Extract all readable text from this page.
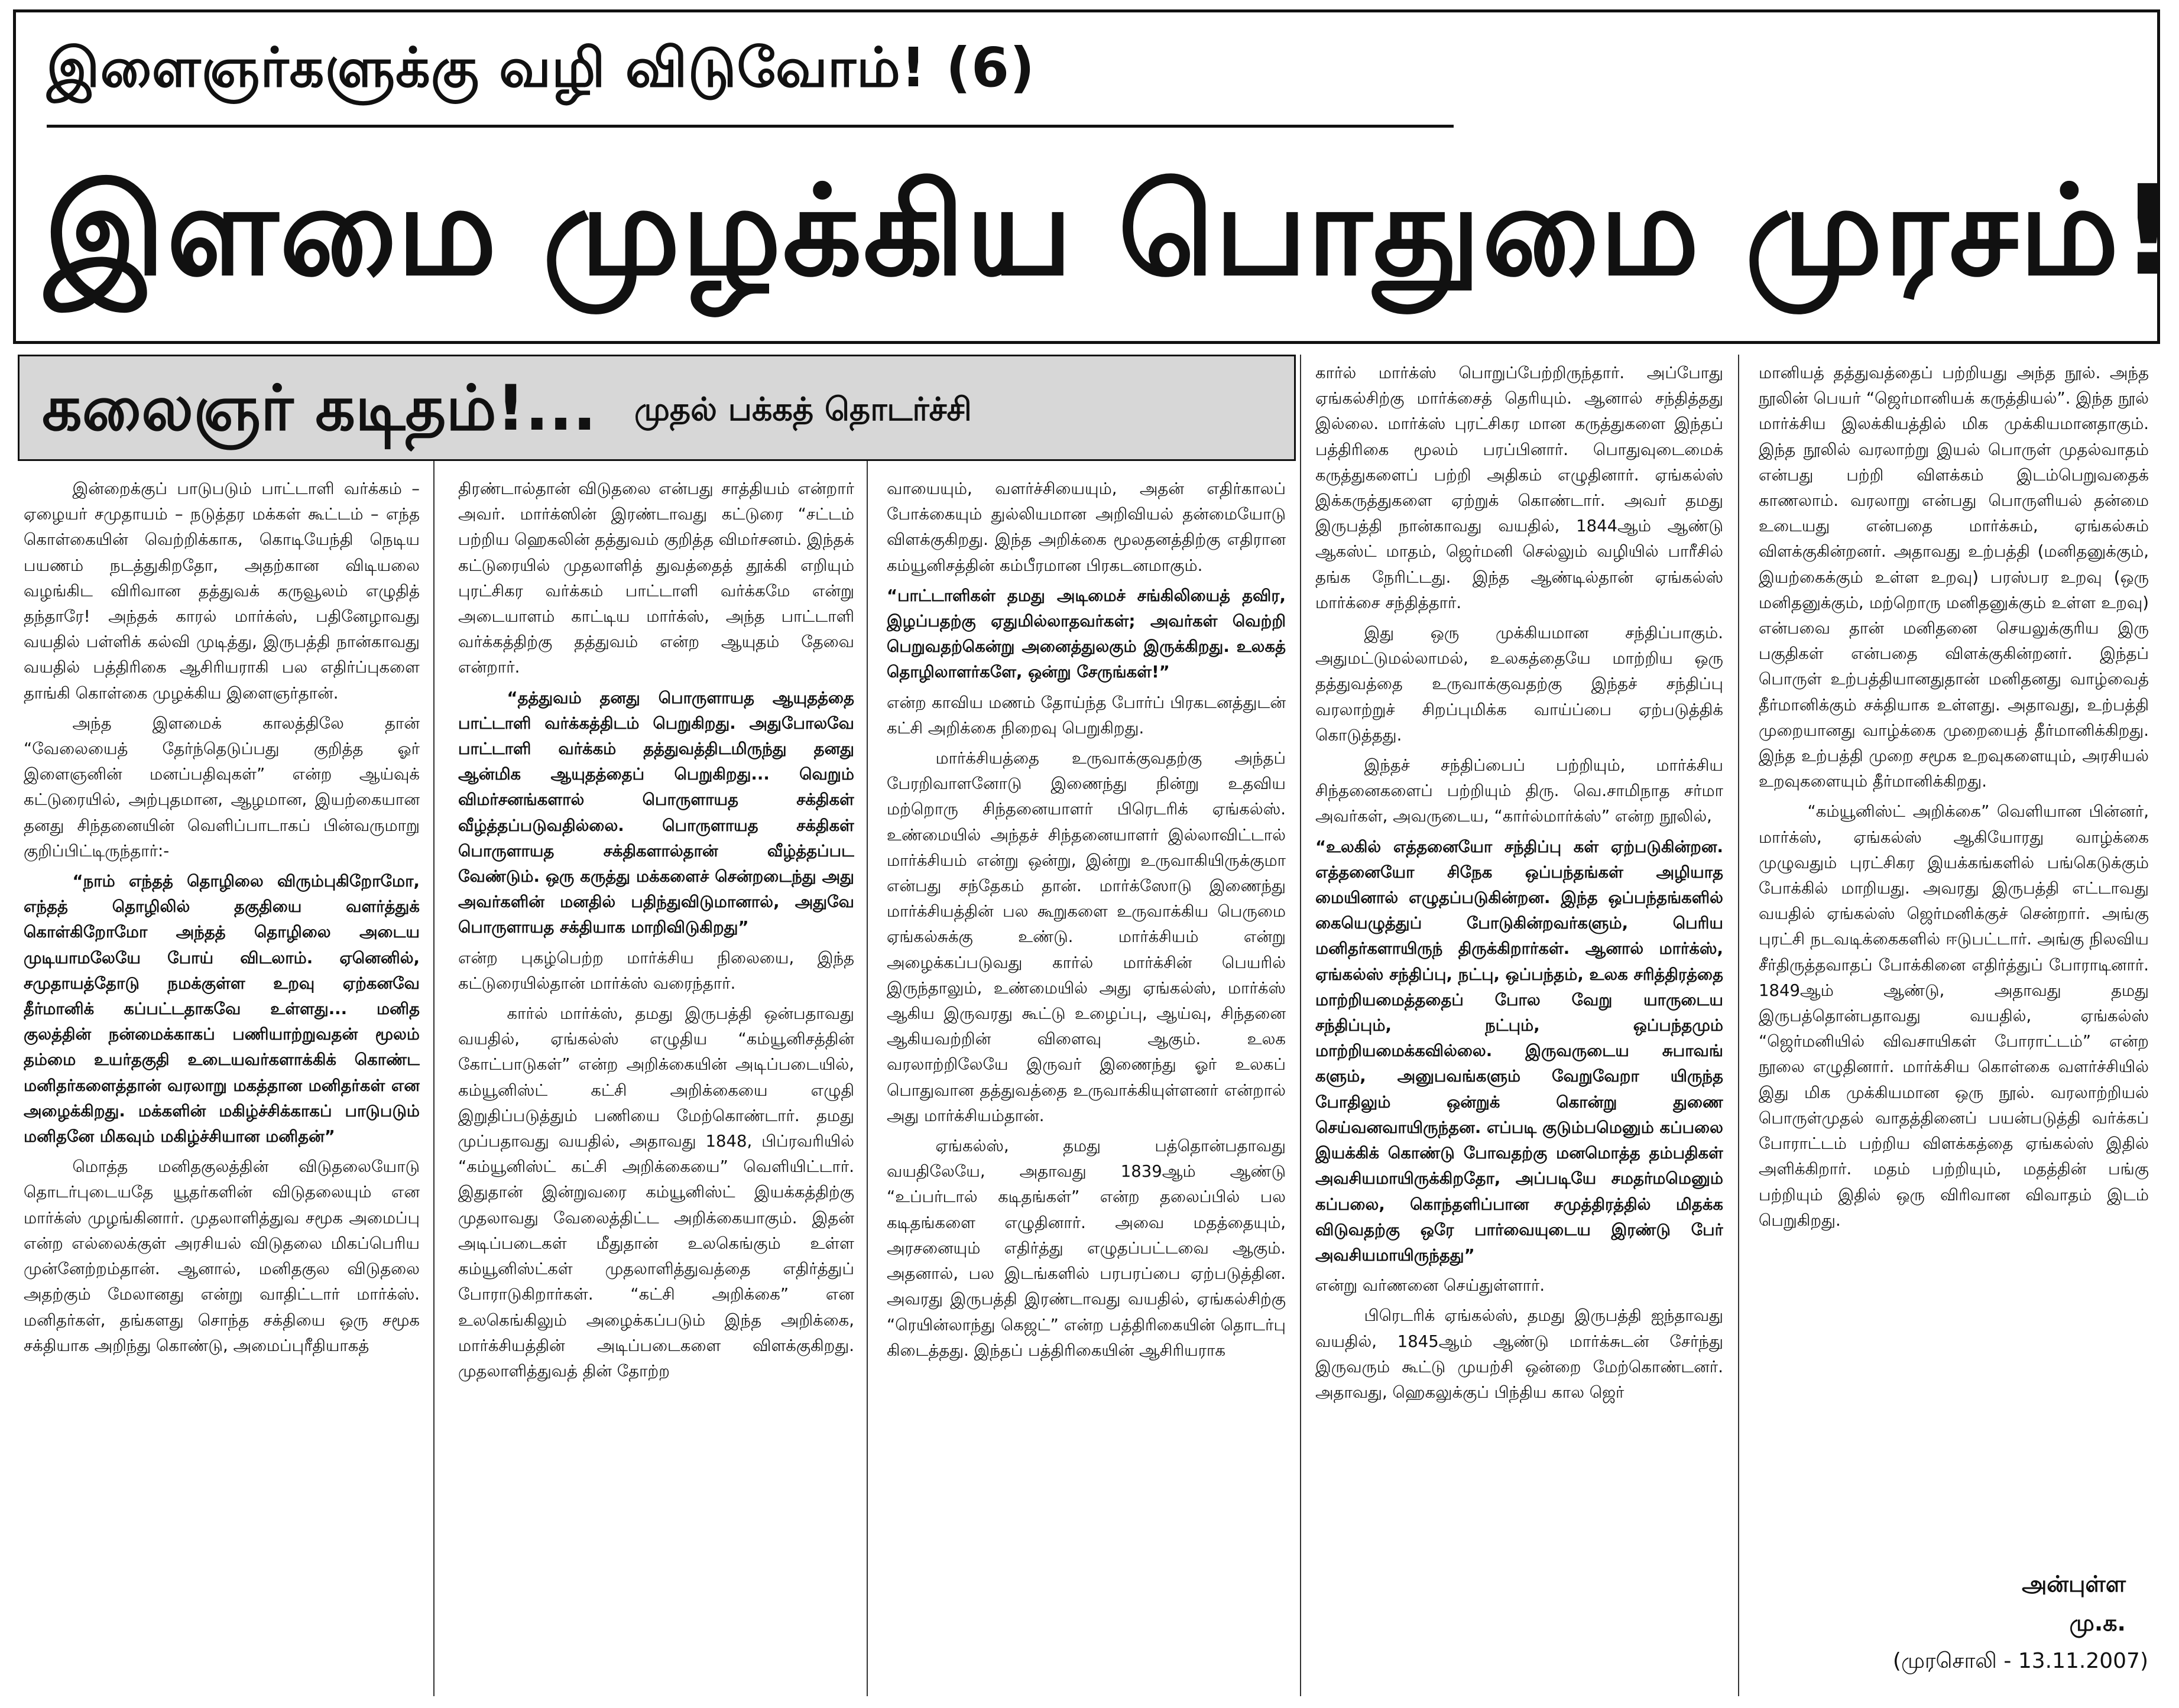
இளைஞர்களுக்கு வழி விடுவோம்! (6)
இளமை முழக்கிய பொதுமை முரசம்!
கலைஞர் கடிதம்!... முதல் பக்கத் தொடர்ச்சி

இன்றைக்குப் பாடுபடும் பாட்டாளி வர்க்கம் – ஏழையர் சமுதாயம் – நடுத்தர மக்கள் கூட்டம் – எந்த கொள்கையின் வெற்றிக்காக, கொடியேந்தி நெடிய பயணம் நடத்துகிறதோ, அதற்கான விடியலை வழங்கிட விரிவான தத்துவக் கருவூலம் எழுதித் தந்தாரே! அந்தக் காரல் மார்க்ஸ், பதினேழாவது வயதில் பள்ளிக் கல்வி முடித்து, இருபத்தி நான்காவது வயதில் பத்திரிகை ஆசிரியராகி பல எதிர்ப்புகளை தாங்கி கொள்கை முழக்கிய இளைஞர்தான்.

அந்த இளமைக் காலத்திலே தான் “வேலையைத் தேர்ந்தெடுப்பது குறித்த ஓர் இளைஞனின் மனப்பதிவுகள்” என்ற ஆய்வுக் கட்டுரையில், அற்புதமான, ஆழமான, இயற்கையான தனது சிந்தனையின் வெளிப்பாடாகப் பின்வருமாறு குறிப்பிட்டிருந்தார்:-

“நாம் எந்தத் தொழிலை விரும்புகிறோமோ, எந்தத் தொழிலில் தகுதியை வளர்த்துக் கொள்கிறோமோ அந்தத் தொழிலை அடைய முடியாமலேயே போய் விடலாம். ஏனெனில், சமுதாயத்தோடு நமக்குள்ள உறவு ஏற்கனவே தீர்மானிக் கப்பட்டதாகவே உள்ளது... மனித குலத்தின் நன்மைக்காகப் பணியாற்றுவதன் மூலம் தம்மை உயர்தகுதி உடையவர்களாக்கிக் கொண்ட மனிதர்களைத்தான் வரலாறு மகத்தான மனிதர்கள் என அழைக்கிறது. மக்களின் மகிழ்ச்சிக்காகப் பாடுபடும் மனிதனே மிகவும் மகிழ்ச்சியான மனிதன்”

மொத்த மனிதகுலத்தின் விடுதலையோடு தொடர்புடையதே யூதர்களின் விடுதலையும் என மார்க்ஸ் முழங்கினார். முதலாளித்துவ சமூக அமைப்பு என்ற எல்லைக்குள் அரசியல் விடுதலை மிகப்பெரிய முன்னேற்றம்தான். ஆனால், மனிதகுல விடுதலை அதற்கும் மேலானது என்று வாதிட்டார் மார்க்ஸ். மனிதர்கள், தங்களது சொந்த சக்தியை ஒரு சமூக சக்தியாக அறிந்து கொண்டு, அமைப்புரீதியாகத்

திரண்டால்தான் விடுதலை என்பது சாத்தியம் என்றார் அவர். மார்க்ஸின் இரண்டாவது கட்டுரை “சட்டம் பற்றிய ஹெகலின் தத்துவம் குறித்த விமர்சனம். இந்தக் கட்டுரையில் முதலாளித் துவத்தைத் தூக்கி எறியும் புரட்சிகர வர்க்கம் பாட்டாளி வர்க்கமே என்று அடையாளம் காட்டிய மார்க்ஸ், அந்த பாட்டாளி வர்க்கத்திற்கு தத்துவம் என்ற ஆயுதம் தேவை என்றார்.

“தத்துவம் தனது பொருளாயத ஆயுதத்தை பாட்டாளி வர்க்கத்திடம் பெறுகிறது. அதுபோலவே பாட்டாளி வர்க்கம் தத்துவத்திடமிருந்து தனது ஆன்மிக ஆயுதத்தைப் பெறுகிறது... வெறும் விமர்சனங்களால் பொருளாயத சக்திகள் வீழ்த்தப்படுவதில்லை. பொருளாயத சக்திகள் பொருளாயத சக்திகளால்தான் வீழ்த்தப்பட வேண்டும். ஒரு கருத்து மக்களைச் சென்றடைந்து அது அவர்களின் மனதில் பதிந்துவிடுமானால், அதுவே பொருளாயத சக்தியாக மாறிவிடுகிறது”

என்ற புகழ்பெற்ற மார்க்சிய நிலையை, இந்த கட்டுரையில்தான் மார்க்ஸ் வரைந்தார்.

கார்ல் மார்க்ஸ், தமது இருபத்தி ஒன்பதாவது வயதில், ஏங்கல்ஸ் எழுதிய “கம்யூனிசத்தின் கோட்பாடுகள்” என்ற அறிக்கையின் அடிப்படையில், கம்யூனிஸ்ட் கட்சி அறிக்கையை எழுதி இறுதிப்படுத்தும் பணியை மேற்கொண்டார். தமது முப்பதாவது வயதில், அதாவது 1848, பிப்ரவரியில் “கம்யூனிஸ்ட் கட்சி அறிக்கையை” வெளியிட்டார். இதுதான் இன்றுவரை கம்யூனிஸ்ட் இயக்கத்திற்கு முதலாவது வேலைத்திட்ட அறிக்கையாகும். இதன் அடிப்படைகள் மீதுதான் உலகெங்கும் உள்ள கம்யூனிஸ்ட்கள் முதலாளித்துவத்தை எதிர்த்துப் போராடுகிறார்கள். “கட்சி அறிக்கை” என உலகெங்கிலும் அழைக்கப்படும் இந்த அறிக்கை, மார்க்சியத்தின் அடிப்படைகளை விளக்குகிறது. முதலாளித்துவத் தின் தோற்ற

வாயையும், வளர்ச்சியையும், அதன் எதிர்காலப் போக்கையும் துல்லியமான அறிவியல் தன்மையோடு விளக்குகிறது. இந்த அறிக்கை மூலதனத்திற்கு எதிரான கம்யூனிசத்தின் கம்பீரமான பிரகடனமாகும்.

“பாட்டாளிகள் தமது அடிமைச் சங்கிலியைத் தவிர, இழப்பதற்கு ஏதுமில்லாதவர்கள்; அவர்கள் வெற்றி பெறுவதற்கென்று அனைத்துலகும் இருக்கிறது. உலகத் தொழிலாளர்களே, ஒன்று சேருங்கள்!”

என்ற காவிய மணம் தோய்ந்த போர்ப் பிரகடனத்துடன் கட்சி அறிக்கை நிறைவு பெறுகிறது.

மார்க்சியத்தை உருவாக்குவதற்கு அந்தப் பேரறிவாளனோடு இணைந்து நின்று உதவிய மற்றொரு சிந்தனையாளர் பிரெடரிக் ஏங்கல்ஸ். உண்மையில் அந்தச் சிந்தனையாளர் இல்லாவிட்டால் மார்க்சியம் என்று ஒன்று, இன்று உருவாகியிருக்குமா என்பது சந்தேகம் தான். மார்க்ஸோடு இணைந்து மார்க்சியத்தின் பல கூறுகளை உருவாக்கிய பெருமை ஏங்கல்சுக்கு உண்டு. மார்க்சியம் என்று அழைக்கப்படுவது கார்ல் மார்க்சின் பெயரில் இருந்தாலும், உண்மையில் அது ஏங்கல்ஸ், மார்க்ஸ் ஆகிய இருவரது கூட்டு உழைப்பு, ஆய்வு, சிந்தனை ஆகியவற்றின் விளைவு ஆகும். உலக வரலாற்றிலேயே இருவர் இணைந்து ஓர் உலகப் பொதுவான தத்துவத்தை உருவாக்கியுள்ளனர் என்றால் அது மார்க்சியம்தான்.

ஏங்கல்ஸ், தமது பத்தொன்பதாவது வயதிலேயே, அதாவது 1839ஆம் ஆண்டு “உப்பர்டால் கடிதங்கள்” என்ற தலைப்பில் பல கடிதங்களை எழுதினார். அவை மதத்தையும், அரசனையும் எதிர்த்து எழுதப்பட்டவை ஆகும். அதனால், பல இடங்களில் பரபரப்பை ஏற்படுத்தின. அவரது இருபத்தி இரண்டாவது வயதில், ஏங்கல்சிற்கு “ரெயின்லாந்து கெஜட்” என்ற பத்திரிகையின் தொடர்பு கிடைத்தது. இந்தப் பத்திரிகையின் ஆசிரியராக

கார்ல் மார்க்ஸ் பொறுப்பேற்றிருந்தார். அப்போது ஏங்கல்சிற்கு மார்க்சைத் தெரியும். ஆனால் சந்தித்தது இல்லை. மார்க்ஸ் புரட்சிகர மான கருத்துகளை இந்தப் பத்திரிகை மூலம் பரப்பினார். பொதுவுடைமைக் கருத்துகளைப் பற்றி அதிகம் எழுதினார். ஏங்கல்ஸ் இக்கருத்துகளை ஏற்றுக் கொண்டார். அவர் தமது இருபத்தி நான்காவது வயதில், 1844ஆம் ஆண்டு ஆகஸ்ட் மாதம், ஜெர்மனி செல்லும் வழியில் பாரீசில் தங்க நேரிட்டது. இந்த ஆண்டில்தான் ஏங்கல்ஸ் மார்க்சை சந்தித்தார்.

இது ஒரு முக்கியமான சந்திப்பாகும். அதுமட்டுமல்லாமல், உலகத்தையே மாற்றிய ஒரு தத்துவத்தை உருவாக்குவதற்கு இந்தச் சந்திப்பு வரலாற்றுச் சிறப்புமிக்க வாய்ப்பை ஏற்படுத்திக் கொடுத்தது.

இந்தச் சந்திப்பைப் பற்றியும், மார்க்சிய சிந்தனைகளைப் பற்றியும் திரு. வெ.சாமிநாத சர்மா அவர்கள், அவருடைய, “கார்ல்மார்க்ஸ்” என்ற நூலில்,

“உலகில் எத்தனையோ சந்திப்பு கள் ஏற்படுகின்றன. எத்தனையோ சிநேக ஒப்பந்தங்கள் அழியாத மையினால் எழுதப்படுகின்றன. இந்த ஒப்பந்தங்களில் கையெழுத்துப் போடுகின்றவர்களும், பெரிய மனிதர்களாயிருந் திருக்கிறார்கள். ஆனால் மார்க்ஸ், ஏங்கல்ஸ் சந்திப்பு, நட்பு, ஒப்பந்தம், உலக சரித்திரத்தை மாற்றியமைத்ததைப் போல வேறு யாருடைய சந்திப்பும், நட்பும், ஒப்பந்தமும் மாற்றியமைக்கவில்லை. இருவருடைய சுபாவங் களும், அனுபவங்களும் வேறுவேறா யிருந்த போதிலும் ஒன்றுக் கொன்று துணை செய்வனவாயிருந்தன. எப்படி குடும்பமெனும் கப்பலை இயக்கிக் கொண்டு போவதற்கு மனமொத்த தம்பதிகள் அவசியமாயிருக்கிறதோ, அப்படியே சமதர்மமெனும் கப்பலை, கொந்தளிப்பான சமுத்திரத்தில் மிதக்க விடுவதற்கு ஒரே பார்வையுடைய இரண்டு பேர் அவசியமாயிருந்தது”

என்று வர்ணனை செய்துள்ளார்.

பிரெடரிக் ஏங்கல்ஸ், தமது இருபத்தி ஐந்தாவது வயதில், 1845ஆம் ஆண்டு மார்க்சுடன் சேர்ந்து இருவரும் கூட்டு முயற்சி ஒன்றை மேற்கொண்டனர். அதாவது, ஹெகலுக்குப் பிந்திய கால ஜெர்

மானியத் தத்துவத்தைப் பற்றியது அந்த நூல். அந்த நூலின் பெயர் “ஜெர்மானியக் கருத்தியல்”. இந்த நூல் மார்க்சிய இலக்கியத்தில் மிக முக்கியமானதாகும். இந்த நூலில் வரலாற்று இயல் பொருள் முதல்வாதம் என்பது பற்றி விளக்கம் இடம்பெறுவதைக் காணலாம். வரலாறு என்பது பொருளியல் தன்மை உடையது என்பதை மார்க்சும், ஏங்கல்சும் விளக்குகின்றனர். அதாவது உற்பத்தி (மனிதனுக்கும், இயற்கைக்கும் உள்ள உறவு) பரஸ்பர உறவு (ஒரு மனிதனுக்கும், மற்றொரு மனிதனுக்கும் உள்ள உறவு) என்பவை தான் மனிதனை செயலுக்குரிய இரு பகுதிகள் என்பதை விளக்குகின்றனர். இந்தப் பொருள் உற்பத்தியானதுதான் மனிதனது வாழ்வைத் தீர்மானிக்கும் சக்தியாக உள்ளது. அதாவது, உற்பத்தி முறையானது வாழ்க்கை முறையைத் தீர்மானிக்கிறது. இந்த உற்பத்தி முறை சமூக உறவுகளையும், அரசியல் உறவுகளையும் தீர்மானிக்கிறது.

“கம்யூனிஸ்ட் அறிக்கை” வெளியான பின்னர், மார்க்ஸ், ஏங்கல்ஸ் ஆகியோரது வாழ்க்கை முழுவதும் புரட்சிகர இயக்கங்களில் பங்கெடுக்கும் போக்கில் மாறியது. அவரது இருபத்தி எட்டாவது வயதில் ஏங்கல்ஸ் ஜெர்மனிக்குச் சென்றார். அங்கு புரட்சி நடவடிக்கைகளில் ஈடுபட்டார். அங்கு நிலவிய சீர்திருத்தவாதப் போக்கினை எதிர்த்துப் போராடினார். 1849ஆம் ஆண்டு, அதாவது தமது இருபத்தொன்பதாவது வயதில், ஏங்கல்ஸ் “ஜெர்மனியில் விவசாயிகள் போராட்டம்” என்ற நூலை எழுதினார். மார்க்சிய கொள்கை வளர்ச்சியில் இது மிக முக்கியமான ஒரு நூல். வரலாற்றியல் பொருள்முதல் வாதத்தினைப் பயன்படுத்தி வர்க்கப் போராட்டம் பற்றிய விளக்கத்தை ஏங்கல்ஸ் இதில் அளிக்கிறார். மதம் பற்றியும், மதத்தின் பங்கு பற்றியும் இதில் ஒரு விரிவான விவாதம் இடம் பெறுகிறது.

அன்புள்ள
மு.க.
(முரசொலி - 13.11.2007)
